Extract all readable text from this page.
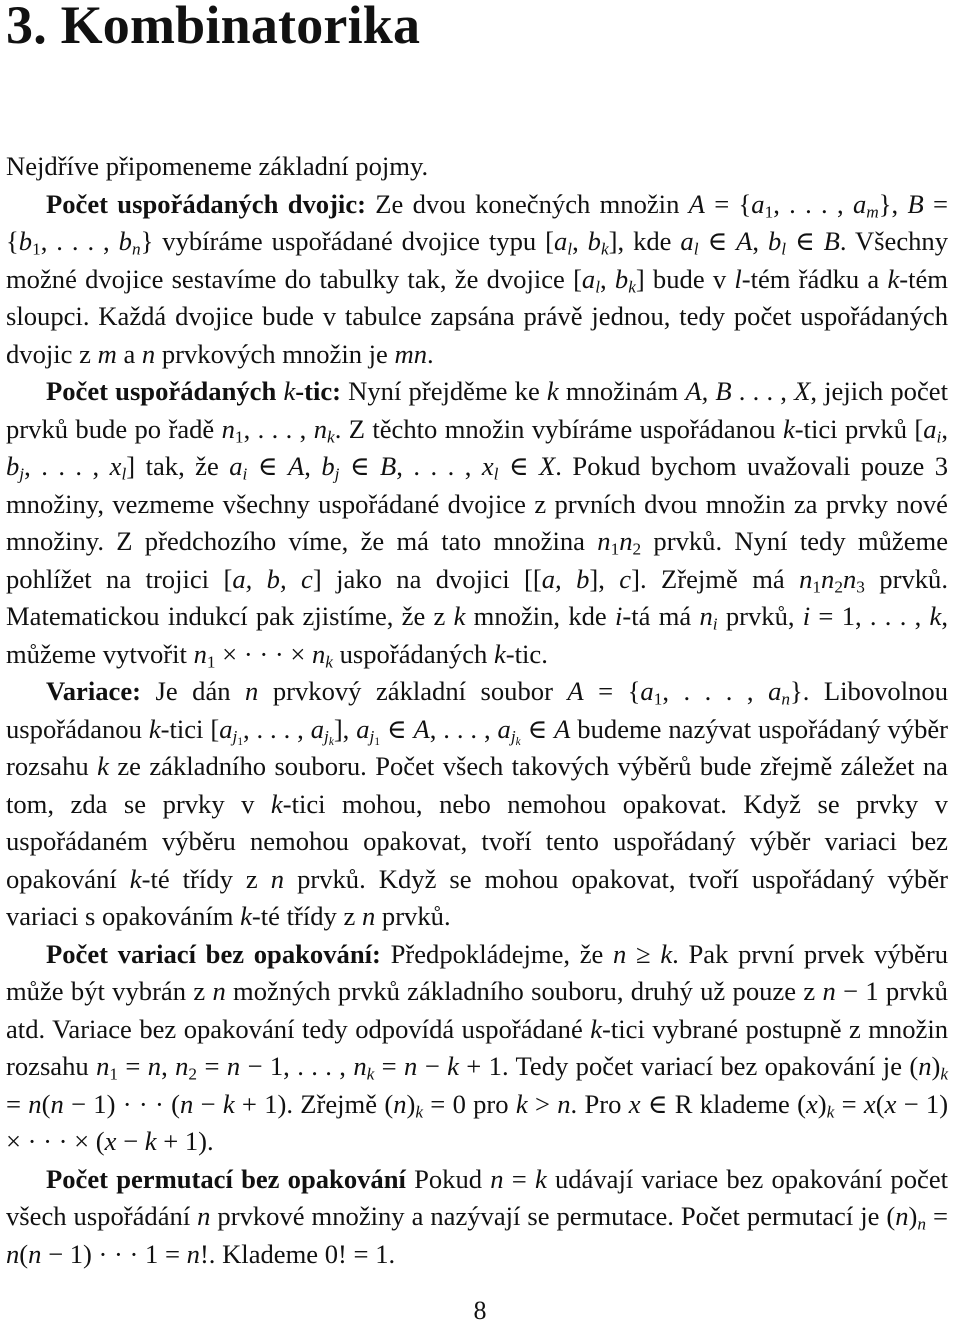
3. Kombinatorika

Nejdříve připomeneme základní pojmy.

Počet uspořádaných dvojic: Ze dvou konečných množin $A = \{a_1$, . . . , $a_m$}, $B = \{b_1$, . . . , $b_n$} vybíráme uspořádané dvojice typu [$a_l$, $b_k$], kde $a_l$ ∈ A, $b_l$ ∈ B. Všechny možné dvojice sestavíme do tabulky tak, že dvojice [$a_l$, $b_k$] bude v l-tém řádku a k-tém sloupci. Každá dvojice bude v tabulce zapsána právě jednou, tedy počet uspořádaných dvojic z m a n prvkových množin je mn.

Počet uspořádaných k-tic: Nyní přejděme ke k množinám A, B . . . , X, jejich počet prvků bude po řadě $n_1$, . . . , $n_k$. Z těchto množin vybíráme uspořádanou k-tici prvků [$a_i$, $b_j$, . . . , $x_l$] tak, že $a_i$ ∈ A, $b_j$ ∈ B, . . . , $x_l$ ∈ X. Pokud bychom uvažovali pouze 3 množiny, vezmeme všechny uspořádané dvojice z prvních dvou množin za prvky nové množiny. Z předchozího víme, že má tato množina $n_1n_2$ prvků. Nyní tedy můžeme pohlížet na trojici [a, b, c] jako na dvojici [[a, b], c]. Zřejmě má $n_1n_2n_3$ prvků. Matematickou indukcí pak zjistíme, že z k množin, kde i-tá má $n_i$ prvků, i = 1, . . . , k, můžeme vytvořit $n_1$ × · · · × $n_k$ uspořádaných k-tic.

Variace: Je dán n prvkový základní soubor $A = \{a_1$, . . . , $a_n$}. Libovolnou uspořádanou k-tici [$a_{j_1}$, . . . , $a_{j_k}$], $a_{j_1}$ ∈ A, . . . , $a_{j_k}$ ∈ A budeme nazývat uspořádaný výběr rozsahu k ze základního souboru. Počet všech takových výběrů bude zřejmě záležet na tom, zda se prvky v k-tici mohou, nebo nemohou opakovat. Když se prvky v uspořádaném výběru nemohou opakovat, tvoří tento uspořádaný výběr variaci bez opakování k-té třídy z n prvků. Když se mohou opakovat, tvoří uspořádaný výběr variaci s opakováním k-té třídy z n prvků.

Počet variací bez opakování: Předpokládejme, že n ≥ k. Pak první prvek výběru může být vybrán z n možných prvků základního souboru, druhý už pouze z n − 1 prvků atd. Variace bez opakování tedy odpovídá uspořádané k-tici vybrané postupně z množin rozsahu $n_1 = n$, $n_2 = n - 1$, . . . , $n_k = n - k + 1$. Tedy počet variací bez opakování je $(n)_k = n(n - 1)$ · · · (n − k + 1). Zřejmě $(n)_k = 0$ pro k > n. Pro x ∈ R klademe $(x)_k = x(x - 1)$ × · · · × (x − k + 1).

Počet permutací bez opakování Pokud n = k udávají variace bez opakování počet všech uspořádání n prvkové množiny a nazývají se permutace. Počet permutací je $(n)_n = n(n - 1)$ · · · 1 = n!. Klademe 0! = 1.

8
